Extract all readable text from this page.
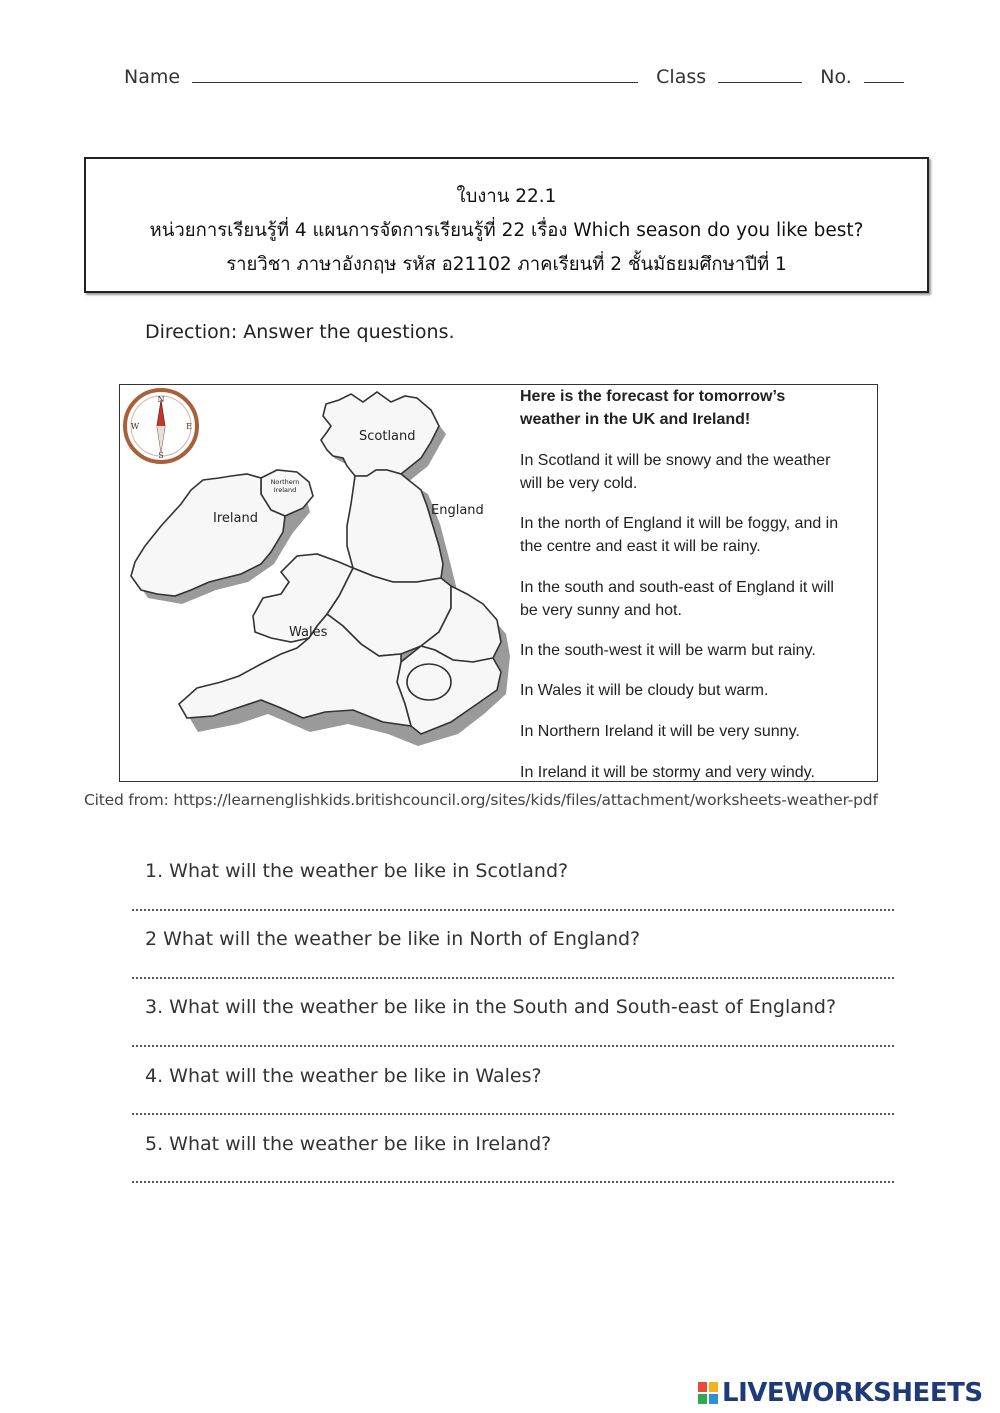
Name	Class	No.
ใบงาน 22.1
หน่วยการเรียนรู้ที่ 4 แผนการจัดการเรียนรู้ที่ 22 เรื่อง Which season do you like best?
รายวิชา ภาษาอังกฤษ รหัส อ21102 ภาคเรียนที่ 2 ชั้นมัธยมศึกษาปีที่ 1
Direction: Answer the questions.
N
S
E
W
Scotland
England
Ireland
Northern
Ireland
Wales
Here is the forecast for tomorrow’s
weather in the UK and Ireland!
In Scotland it will be snowy and the weather
will be very cold.
In the north of England it will be foggy, and in
the centre and east it will be rainy.
In the south and south-east of England it will
be very sunny and hot.
In the south-west it will be warm but rainy.
In Wales it will be cloudy but warm.
In Northern Ireland it will be very sunny.
In Ireland it will be stormy and very windy.
Cited from: https://learnenglishkids.britishcouncil.org/sites/kids/files/attachment/worksheets-weather-pdf
1. What will the weather be like in Scotland?
2 What will the weather be like in North of England?
3. What will the weather be like in the South and South-east of England?
4. What will the weather be like in Wales?
5. What will the weather be like in Ireland?
LIVEWORKSHEETS
